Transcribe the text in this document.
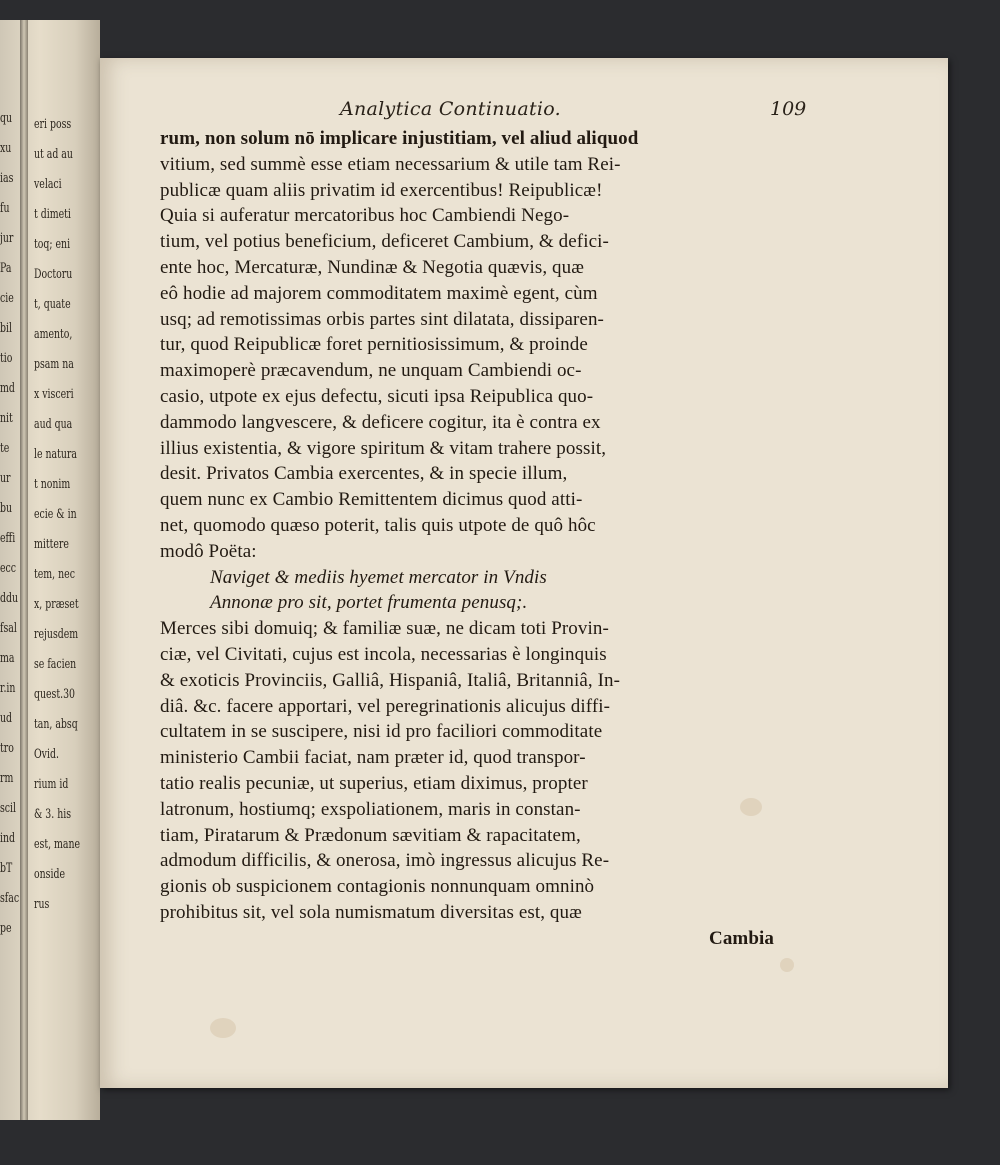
qu
xu
ias
fu
jur
Pa
cie
bil
tio
md
nit
te
ur
bu
effi
ecc
ddu
fsal
ma
r.in
ud
tro
rm
scil
ind
bT
sfac
pe
eri poss
ut ad au
velaci
t dimeti
toq; eni
Doctoru
t, quate
amento,
psam na
x visceri
aud qua
le natura
t nonim
ecie & in
mittere
tem, nec
x, præset
rejusdem
se facien
quest.30
tan, absq
Ovid.
rium id
& 3. his
est, mane
onside
rus
Analytica Continuatio.	109
rum, non solum nō implicare injustitiam, vel aliud aliquod
vitium, sed summè esse etiam necessarium & utile tam Rei-
publicæ quam aliis privatim id exercentibus! Reipublicæ!
Quia si auferatur mercatoribus hoc Cambiendi Nego-
tium, vel potius beneficium, deficeret Cambium, & defici-
ente hoc, Mercaturæ, Nundinæ & Negotia quævis, quæ
eô hodie ad majorem commoditatem maximè egent, cùm
usq; ad remotissimas orbis partes sint dilatata, dissiparen-
tur, quod Reipublicæ foret pernitiosissimum, & proinde
maximoperè præcavendum, ne unquam Cambiendi oc-
casio, utpote ex ejus defectu, sicuti ipsa Reipublica quo-
dammodo langvescere, & deficere cogitur, ita è contra ex
illius existentia, & vigore spiritum & vitam trahere possit,
desit. Privatos Cambia exercentes, & in specie illum,
quem nunc ex Cambio Remittentem dicimus quod atti-
net, quomodo quæso poterit, talis quis utpote de quô hôc
modô Poëta:
Naviget & mediis hyemet mercator in Vndis
Annonæ pro sit, portet frumenta penusq;.
Merces sibi domuiq; & familiæ suæ, ne dicam toti Provin-
ciæ, vel Civitati, cujus est incola, necessarias è longinquis
& exoticis Provinciis, Galliâ, Hispaniâ, Italiâ, Britanniâ, In-
diâ. &c. facere apportari, vel peregrinationis alicujus diffi-
cultatem in se suscipere, nisi id pro faciliori commoditate
ministerio Cambii faciat, nam præter id, quod transpor-
tatio realis pecuniæ, ut superius, etiam diximus, propter
latronum, hostiumq; exspoliationem, maris in constan-
tiam, Piratarum & Prædonum sævitiam & rapacitatem,
admodum difficilis, & onerosa, imò ingressus alicujus Re-
gionis ob suspicionem contagionis nonnunquam omninò
prohibitus sit, vel sola numismatum diversitas est, quæ
Cambia
